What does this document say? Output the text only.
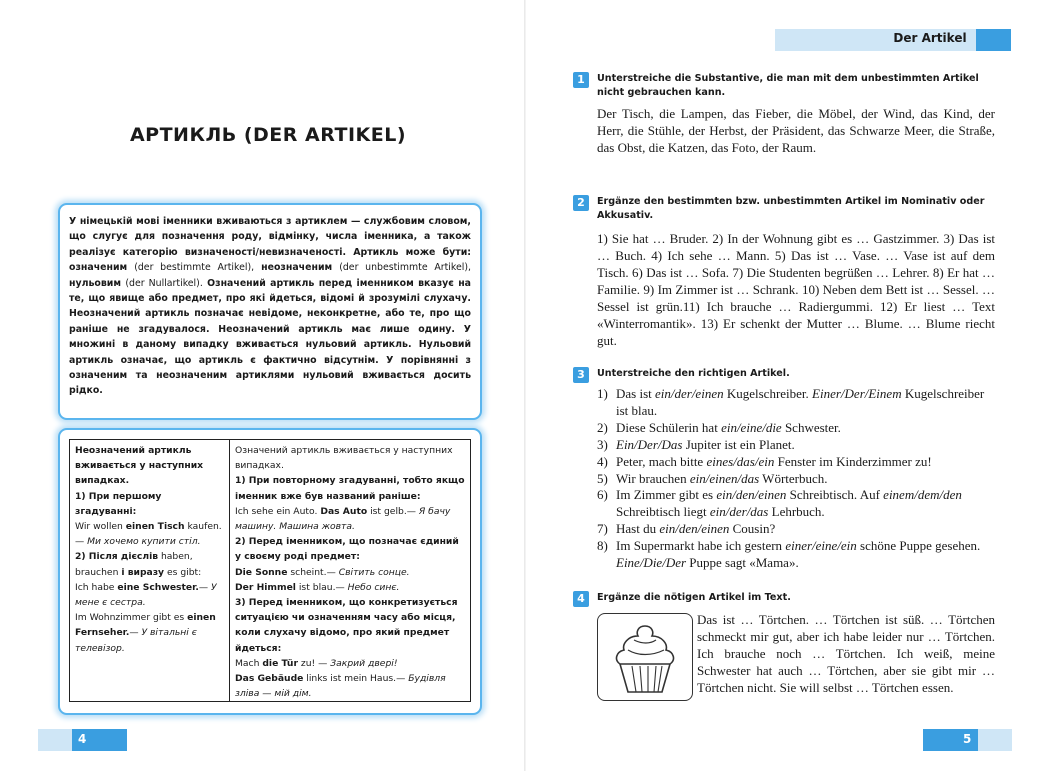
АРТИКЛЬ (DER ARTIKEL)
У німецькій мові іменники вживаються з артиклем — службовим словом, що слугує для позначення роду, відмінку, числа іменника, а також реалізує категорію визначеності/невизначеності. Артикль може бути: означеним (der bestimmte Artikel), неозначеним (der unbestimmte Artikel), нульовим (der Nullartikel). Означений артикль перед іменником вказує на те, що явище або предмет, про які йдеться, відомі й зрозумілі слухачу. Неозначений артикль позначає невідоме, неконкретне, або те, про що раніше не згадувалося. Неозначений артикль має лише одину. У множині в даному випадку вживається нульовий артикль. Нульовий артикль означає, що артикль є фактично відсутнім. У порівнянні з означеним та неозначеним артиклями нульовий вживається досить рідко.
Неозначений артикль вживається у наступних випадках.
1) При першому згадуванні:
Wir wollen einen Tisch kaufen.— Ми хочемо купити стіл.
2) Після дієслів haben, brauchen і виразу es gibt:
Ich habe eine Schwester.— У мене є сестра.
Im Wohnzimmer gibt es einen Fernseher.— У вітальні є телевізор.
Означений артикль вживається у наступних випадках.
1) При повторному згадуванні, тобто якщо іменник вже був названий раніше:
Ich sehe ein Auto. Das Auto ist gelb.— Я бачу машину. Машина жовта.
2) Перед іменником, що позначає єдиний у своєму роді предмет:
Die Sonne scheint.— Світить сонце.
Der Himmel ist blau.— Небо синє.
3) Перед іменником, що конкретизується ситуацією чи означенням часу або місця, коли слухачу відомо, про який предмет йдеться:
Mach die Tür zu! — Закрий двері!
Das Gebäude links ist mein Haus.— Будівля зліва — мій дім.
4
Der Artikel
1	Unterstreiche die Substantive, die man mit dem unbestimmten Artikel nicht gebrauchen kann.
Der Tisch, die Lampen, das Fieber, die Möbel, der Wind, das Kind, der Herr, die Stühle, der Herbst, der Präsident, das Schwarze Meer, die Straße, das Obst, die Katzen, das Foto, der Raum.
2	Ergänze den bestimmten bzw. unbestimmten Artikel im Nominativ oder Akkusativ.
1) Sie hat … Bruder. 2) In der Wohnung gibt es … Gastzimmer. 3) Das ist … Buch. 4) Ich sehe … Mann. 5) Das ist … Vase. … Vase ist auf dem Tisch. 6) Das ist … Sofa. 7) Die Studenten begrüßen … Lehrer. 8) Er hat … Familie. 9) Im Zimmer ist … Schrank. 10) Neben dem Bett ist … Sessel. … Sessel ist grün.11) Ich brauche … Radiergummi. 12) Er liest … Text «Winterromantik». 13) Er schenkt der Mutter … Blume. … Blume riecht gut.
3	Unterstreiche den richtigen Artikel.
1) Das ist ein/der/einen Kugelschreiber. Einer/Der/Einem Kugelschreiber ist blau.
2) Diese Schülerin hat ein/eine/die Schwester.
3) Ein/Der/Das Jupiter ist ein Planet.
4) Peter, mach bitte eines/das/ein Fenster im Kinderzimmer zu!
5) Wir brauchen ein/einen/das Wörterbuch.
6) Im Zimmer gibt es ein/den/einen Schreibtisch. Auf einem/dem/den Schreibtisch liegt ein/der/das Lehrbuch.
7) Hast du ein/den/einen Cousin?
8) Im Supermarkt habe ich gestern einer/eine/ein schöne Puppe gesehen. Eine/Die/Der Puppe sagt «Mama».
4	Ergänze die nötigen Artikel im Text.
Das ist … Törtchen. … Törtchen ist süß. … Törtchen schmeckt mir gut, aber ich habe leider nur … Törtchen. Ich brauche noch … Törtchen. Ich weiß, meine Schwester hat auch … Törtchen, aber sie gibt mir … Törtchen nicht. Sie will selbst … Törtchen essen.
5
